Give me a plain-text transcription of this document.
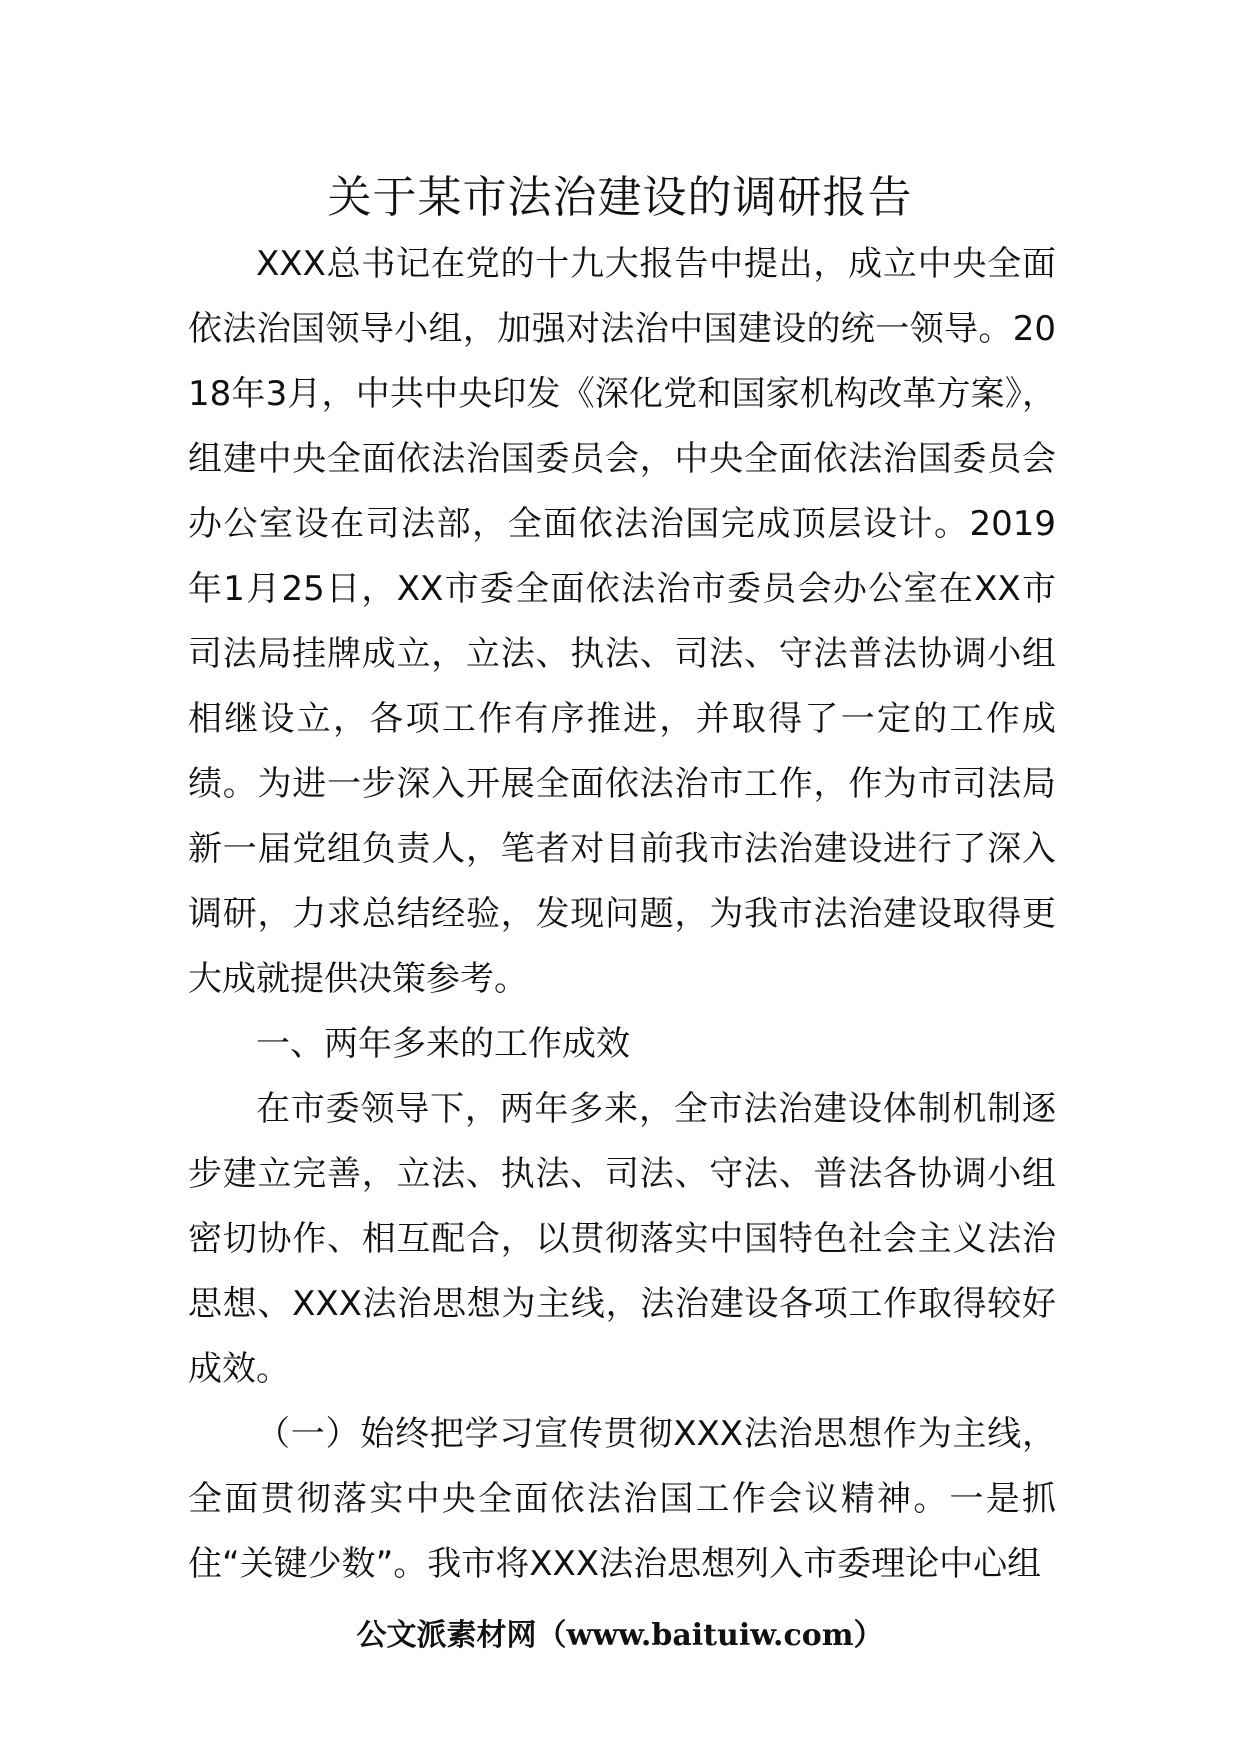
关于某市法治建设的调研报告

XXX总书记在党的十九大报告中提出，成立中央全面依法治国领导小组，加强对法治中国建设的统一领导。2018年3月，中共中央印发《深化党和国家机构改革方案》，组建中央全面依法治国委员会，中央全面依法治国委员会办公室设在司法部，全面依法治国完成顶层设计。2019年1月25日，XX市委全面依法治市委员会办公室在XX市司法局挂牌成立，立法、执法、司法、守法普法协调小组相继设立，各项工作有序推进，并取得了一定的工作成绩。为进一步深入开展全面依法治市工作，作为市司法局新一届党组负责人，笔者对目前我市法治建设进行了深入调研，力求总结经验，发现问题，为我市法治建设取得更大成就提供决策参考。

一、两年多来的工作成效

在市委领导下，两年多来，全市法治建设体制机制逐步建立完善，立法、执法、司法、守法、普法各协调小组密切协作、相互配合，以贯彻落实中国特色社会主义法治思想、XXX法治思想为主线，法治建设各项工作取得较好成效。

（一）始终把学习宣传贯彻XXX法治思想作为主线，全面贯彻落实中央全面依法治国工作会议精神。一是抓住“关键少数”。我市将XXX法治思想列入市委理论中心组

公文派素材网（www.baituiw.com）
